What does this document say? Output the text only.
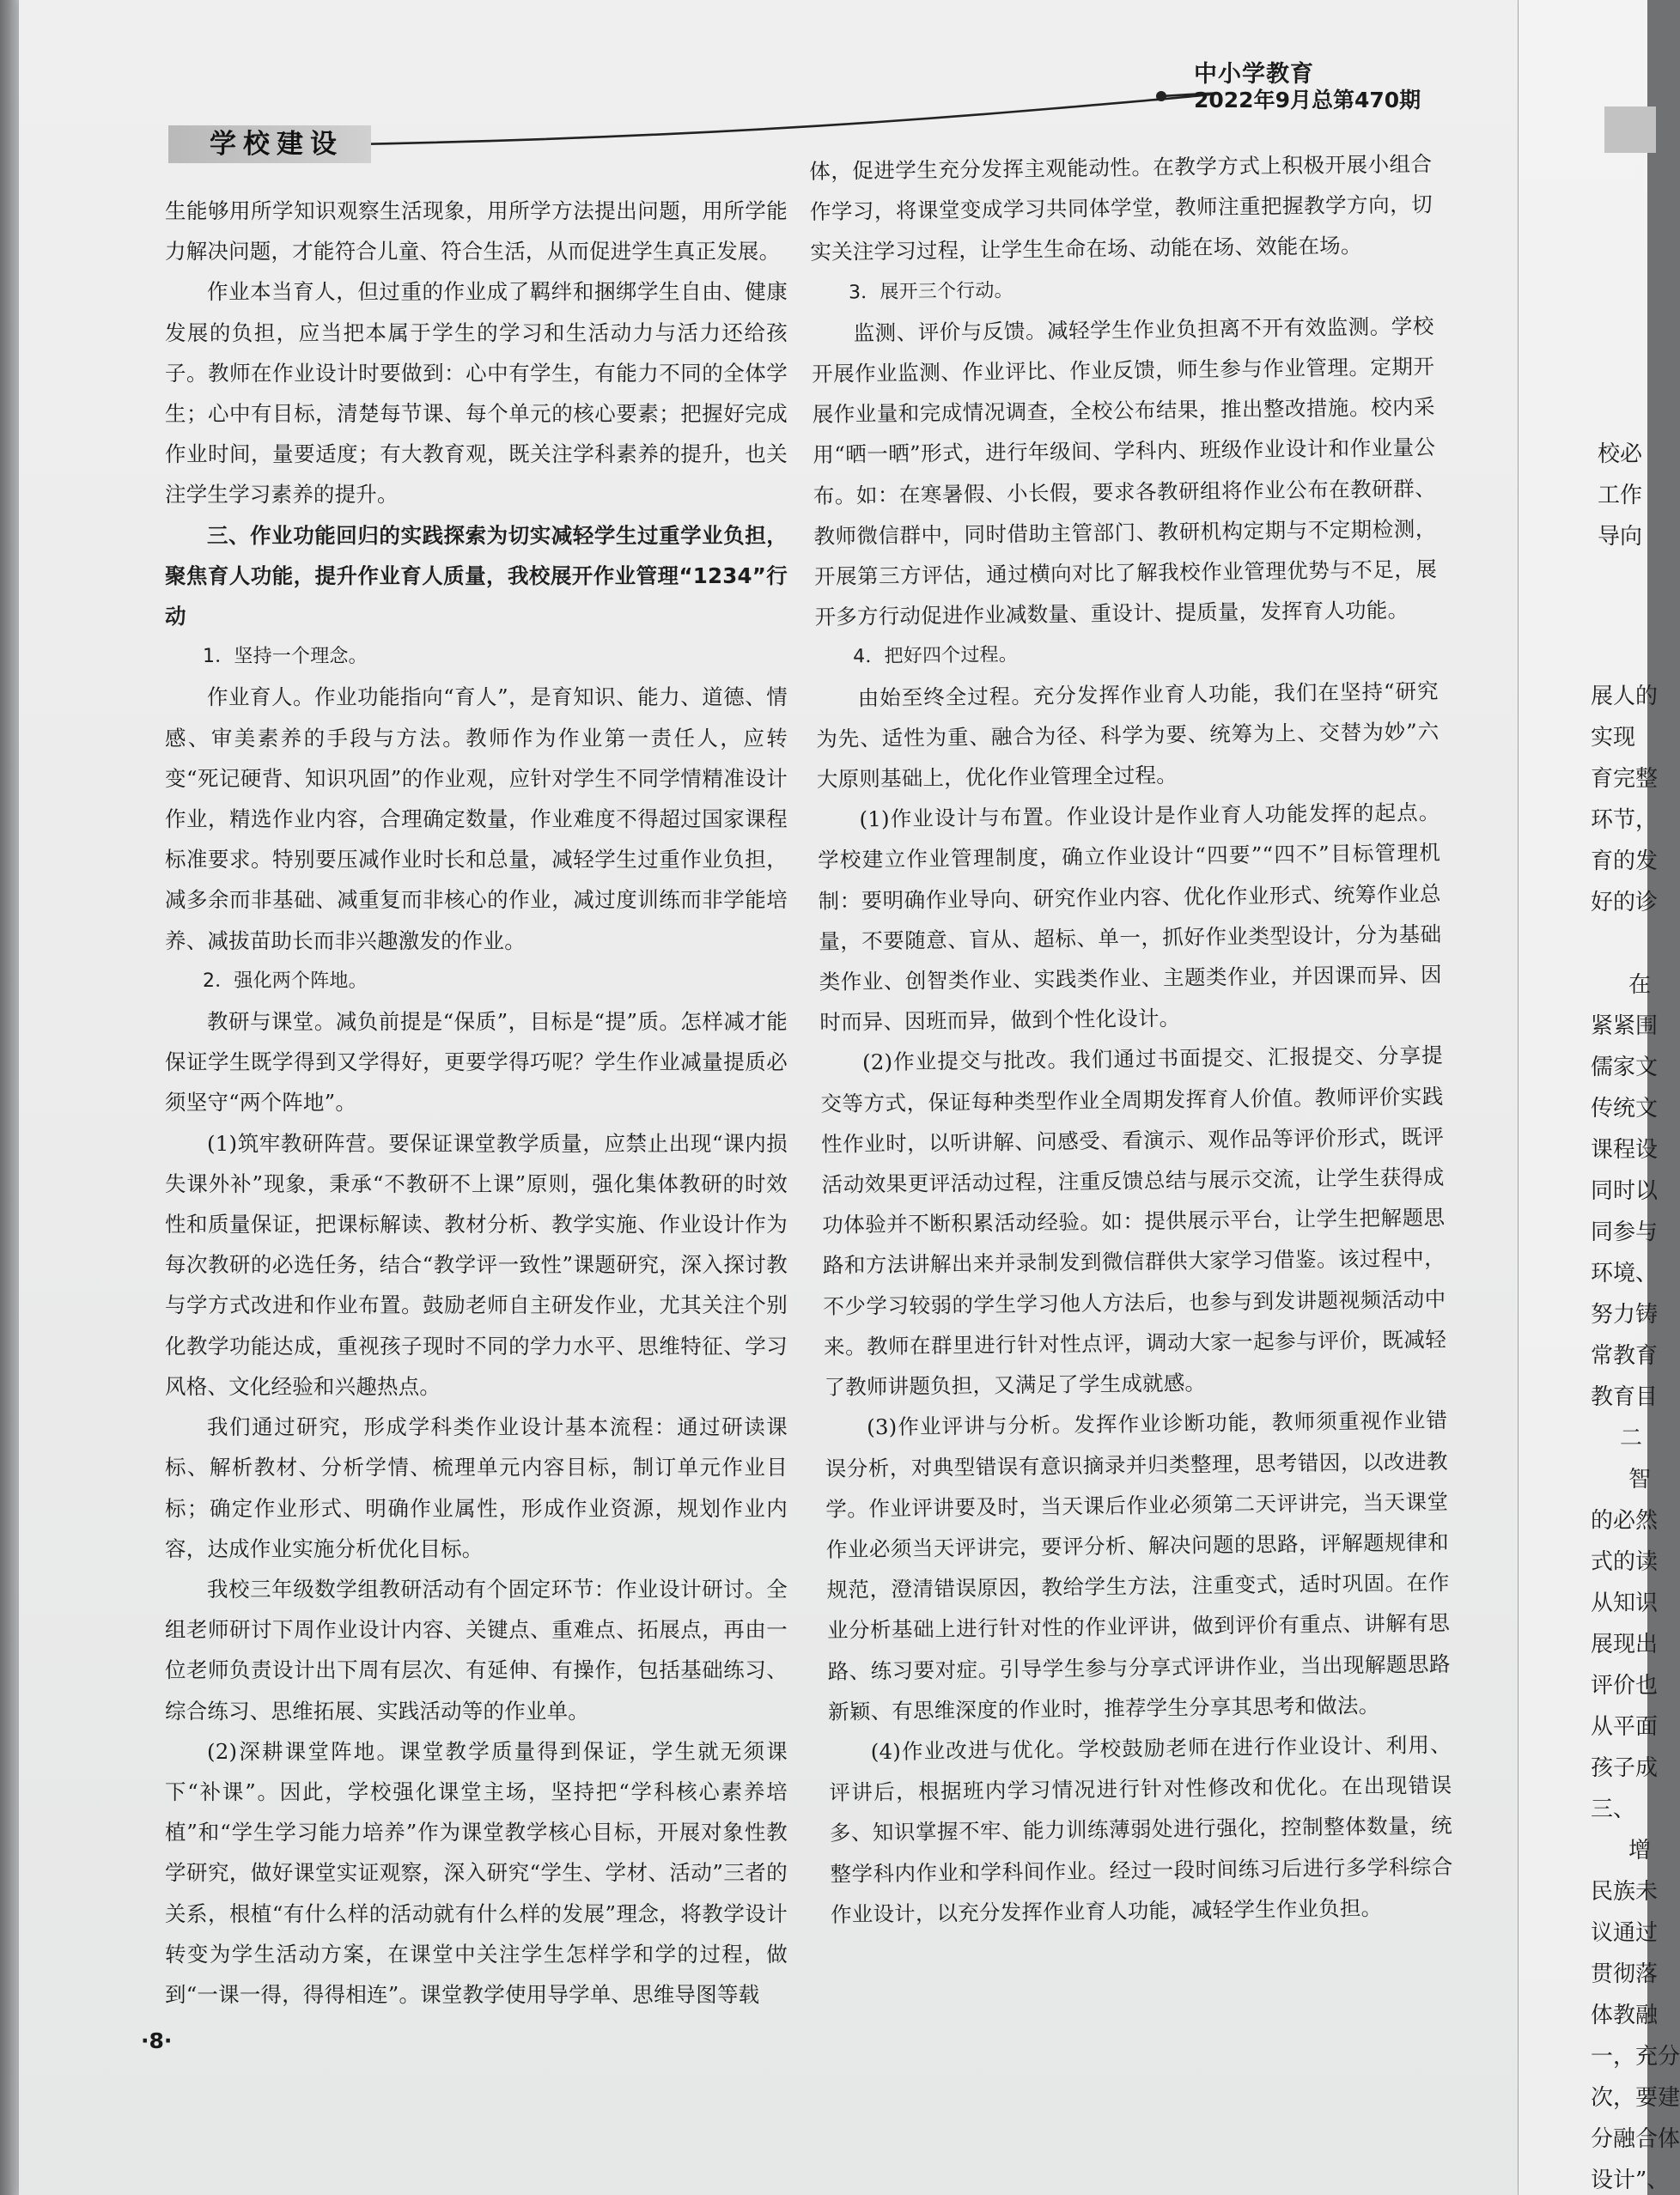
中小学教育
2022年9月总第470期
学校建设

生能够用所学知识观察生活现象，用所学方法提出问题，用所学能力解决问题，才能符合儿童、符合生活，从而促进学生真正发展。

作业本当育人，但过重的作业成了羁绊和捆绑学生自由、健康发展的负担，应当把本属于学生的学习和生活动力与活力还给孩子。教师在作业设计时要做到：心中有学生，有能力不同的全体学生；心中有目标，清楚每节课、每个单元的核心要素；把握好完成作业时间，量要适度；有大教育观，既关注学科素养的提升，也关注学生学习素养的提升。

三、作业功能回归的实践探索为切实减轻学生过重学业负担，聚焦育人功能，提升作业育人质量，我校展开作业管理“1234”行动

1．坚持一个理念。

作业育人。作业功能指向“育人”，是育知识、能力、道德、情感、审美素养的手段与方法。教师作为作业第一责任人，应转变“死记硬背、知识巩固”的作业观，应针对学生不同学情精准设计作业，精选作业内容，合理确定数量，作业难度不得超过国家课程标准要求。特别要压减作业时长和总量，减轻学生过重作业负担，减多余而非基础、减重复而非核心的作业，减过度训练而非学能培养、减拔苗助长而非兴趣激发的作业。

2．强化两个阵地。

教研与课堂。减负前提是“保质”，目标是“提”质。怎样减才能保证学生既学得到又学得好，更要学得巧呢？学生作业减量提质必须坚守“两个阵地”。

(1)筑牢教研阵营。要保证课堂教学质量，应禁止出现“课内损失课外补”现象，秉承“不教研不上课”原则，强化集体教研的时效性和质量保证，把课标解读、教材分析、教学实施、作业设计作为每次教研的必选任务，结合“教学评一致性”课题研究，深入探讨教与学方式改进和作业布置。鼓励老师自主研发作业，尤其关注个别化教学功能达成，重视孩子现时不同的学力水平、思维特征、学习风格、文化经验和兴趣热点。

我们通过研究，形成学科类作业设计基本流程：通过研读课标、解析教材、分析学情、梳理单元内容目标，制订单元作业目标；确定作业形式、明确作业属性，形成作业资源，规划作业内容，达成作业实施分析优化目标。

我校三年级数学组教研活动有个固定环节：作业设计研讨。全组老师研讨下周作业设计内容、关键点、重难点、拓展点，再由一位老师负责设计出下周有层次、有延伸、有操作，包括基础练习、综合练习、思维拓展、实践活动等的作业单。

(2)深耕课堂阵地。课堂教学质量得到保证，学生就无须课下“补课”。因此，学校强化课堂主场，坚持把“学科核心素养培植”和“学生学习能力培养”作为课堂教学核心目标，开展对象性教学研究，做好课堂实证观察，深入研究“学生、学材、活动”三者的关系，根植“有什么样的活动就有什么样的发展”理念，将教学设计转变为学生活动方案，在课堂中关注学生怎样学和学的过程，做到“一课一得，得得相连”。课堂教学使用导学单、思维导图等载

体，促进学生充分发挥主观能动性。在教学方式上积极开展小组合作学习，将课堂变成学习共同体学堂，教师注重把握教学方向，切实关注学习过程，让学生生命在场、动能在场、效能在场。

3．展开三个行动。

监测、评价与反馈。减轻学生作业负担离不开有效监测。学校开展作业监测、作业评比、作业反馈，师生参与作业管理。定期开展作业量和完成情况调查，全校公布结果，推出整改措施。校内采用“晒一晒”形式，进行年级间、学科内、班级作业设计和作业量公布。如：在寒暑假、小长假，要求各教研组将作业公布在教研群、教师微信群中，同时借助主管部门、教研机构定期与不定期检测，开展第三方评估，通过横向对比了解我校作业管理优势与不足，展开多方行动促进作业减数量、重设计、提质量，发挥育人功能。

4．把好四个过程。

由始至终全过程。充分发挥作业育人功能，我们在坚持“研究为先、适性为重、融合为径、科学为要、统筹为上、交替为妙”六大原则基础上，优化作业管理全过程。

(1)作业设计与布置。作业设计是作业育人功能发挥的起点。学校建立作业管理制度，确立作业设计“四要”“四不”目标管理机制：要明确作业导向、研究作业内容、优化作业形式、统筹作业总量，不要随意、盲从、超标、单一，抓好作业类型设计，分为基础类作业、创智类作业、实践类作业、主题类作业，并因课而异、因时而异、因班而异，做到个性化设计。

(2)作业提交与批改。我们通过书面提交、汇报提交、分享提交等方式，保证每种类型作业全周期发挥育人价值。教师评价实践性作业时，以听讲解、问感受、看演示、观作品等评价形式，既评活动效果更评活动过程，注重反馈总结与展示交流，让学生获得成功体验并不断积累活动经验。如：提供展示平台，让学生把解题思路和方法讲解出来并录制发到微信群供大家学习借鉴。该过程中，不少学习较弱的学生学习他人方法后，也参与到发讲题视频活动中来。教师在群里进行针对性点评，调动大家一起参与评价，既减轻了教师讲题负担，又满足了学生成就感。

(3)作业评讲与分析。发挥作业诊断功能，教师须重视作业错误分析，对典型错误有意识摘录并归类整理，思考错因，以改进教学。作业评讲要及时，当天课后作业必须第二天评讲完，当天课堂作业必须当天评讲完，要评分析、解决问题的思路，评解题规律和规范，澄清错误原因，教给学生方法，注重变式，适时巩固。在作业分析基础上进行针对性的作业评讲，做到评价有重点、讲解有思路、练习要对症。引导学生参与分享式评讲作业，当出现解题思路新颖、有思维深度的作业时，推荐学生分享其思考和做法。

(4)作业改进与优化。学校鼓励老师在进行作业设计、利用、评讲后，根据班内学习情况进行针对性修改和优化。在出现错误多、知识掌握不牢、能力训练薄弱处进行强化，控制整体数量，统整学科内作业和学科间作业。经过一段时间练习后进行多学科综合作业设计，以充分发挥作业育人功能，减轻学生作业负担。

·8·
校必
工作
导向
展人的
实现
育完整
环节，
育的发
好的诊
在
紧紧围
儒家文
传统文
课程设
同时以
同参与
环境、
努力铸
常教育
教育目
二
智
的必然
式的读
从知识
展现出
评价也
从平面
孩子成
三、
增
民族未
议通过
贯彻落
体教融
一，充分
次，要建
分融合体
设计”、
